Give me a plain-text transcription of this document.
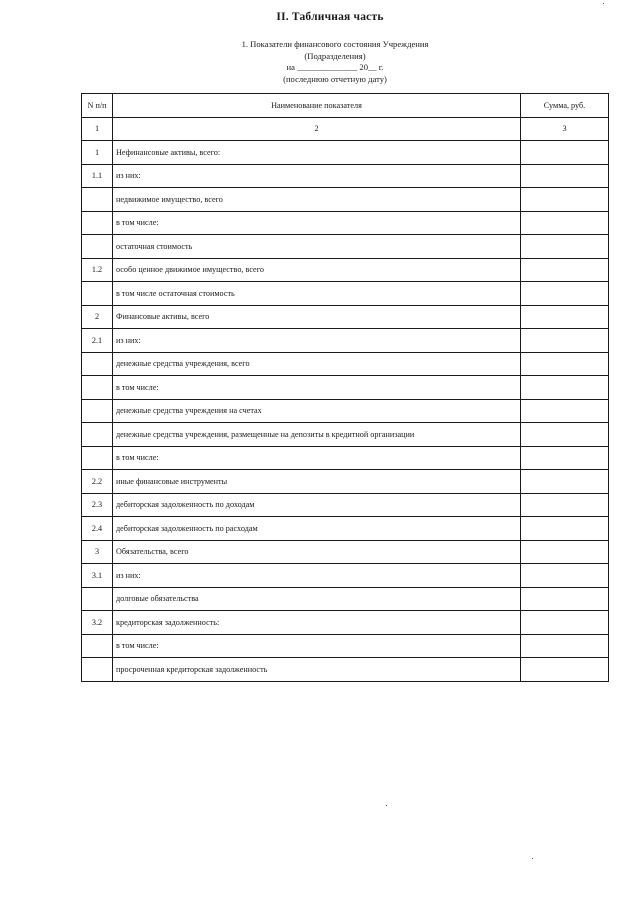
II. Табличная часть
1. Показатели финансового состояния Учреждения
(Подразделения)
на ______________ 20__ г.
(последнюю отчетную дату)
N п/п	Наименование показателя	Сумма, руб.
1	2	3
1	Нефинансовые активы, всего:	
1.1	из них:	
	недвижимое имущество, всего	
	в том числе:	
	остаточная стоимость	
1.2	особо ценное движимое имущество, всего	
	в том числе остаточная стоимость	
2	Финансовые активы, всего	
2.1	из них:	
	денежные средства учреждения, всего	
	в том числе:	
	денежные средства учреждения на счетах	
	денежные средства учреждения, размещенные на депозиты в кредитной организации	
	в том числе:	
2.2	иные финансовые инструменты	
2.3	дебиторская задолженность по доходам	
2.4	дебиторская задолженность по расходам	
3	Обязательства, всего	
3.1	из них:	
	долговые обязательства	
3.2	кредиторская задолженность:	
	в том числе:	
	просроченная кредиторская задолженность	
